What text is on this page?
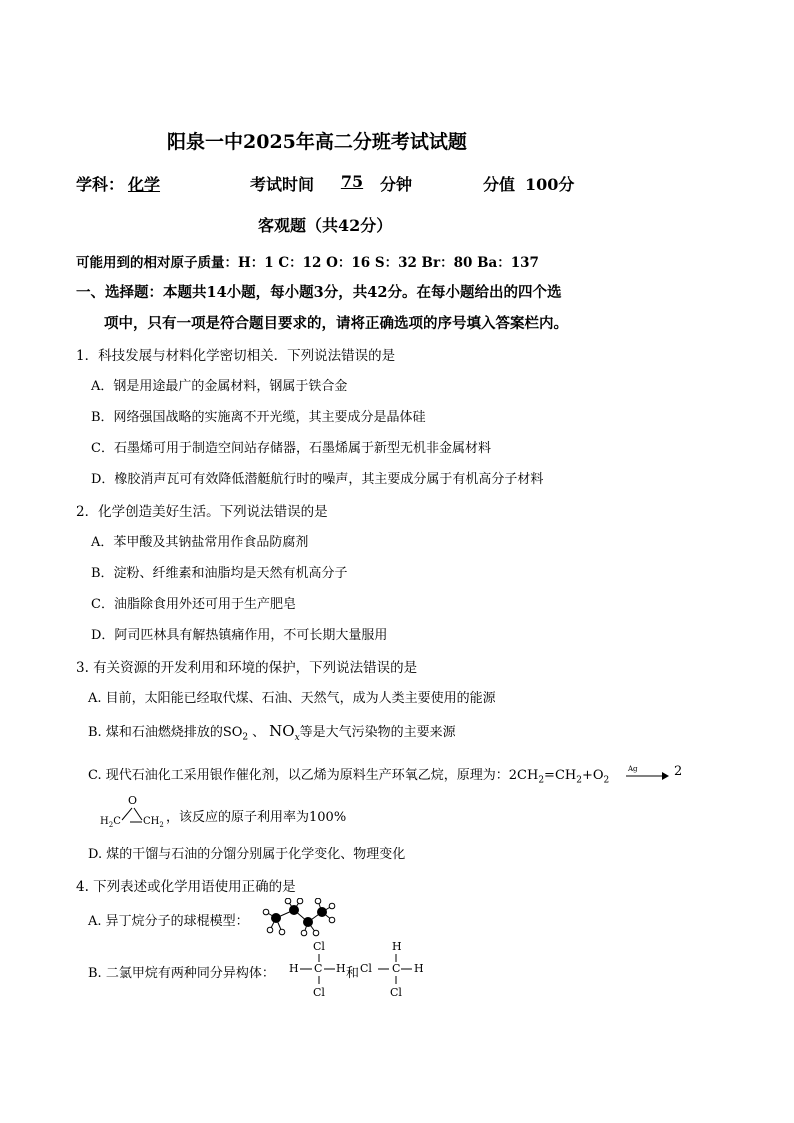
阳泉一中2025年高二分班考试试题
学科： 化学	考试时间	75	分钟	分值 100分
客观题（共42分）
可能用到的相对原子质量：H：1 C：12 O：16 S：32 Br：80 Ba：137
一、选择题：本题共14小题，每小题3分，共42分。在每小题给出的四个选
项中，只有一项是符合题目要求的，请将正确选项的序号填入答案栏内。
1．科技发展与材料化学密切相关．下列说法错误的是
A．钢是用途最广的金属材料，钢属于铁合金
B．网络强国战略的实施离不开光缆，其主要成分是晶体硅
C．石墨烯可用于制造空间站存储器，石墨烯属于新型无机非金属材料
D．橡胶消声瓦可有效降低潜艇航行时的噪声，其主要成分属于有机高分子材料
2．化学创造美好生活。下列说法错误的是
A．苯甲酸及其钠盐常用作食品防腐剂
B．淀粉、纤维素和油脂均是天然有机高分子
C．油脂除食用外还可用于生产肥皂
D．阿司匹林具有解热镇痛作用，不可长期大量服用
3. 有关资源的开发利用和环境的保护，下列说法错误的是
A. 目前，太阳能已经取代煤、石油、天然气，成为人类主要使用的能源
B. 煤和石油燃烧排放的$SO_2$ 、 $NO_x$等是大气污染物的主要来源
C. 现代石油化工采用银作催化剂，以乙烯为原料生产环氧乙烷，原理为：$2CH_2=CH_2+O_2$
Ag → 2
O
$H_2C$ $CH_2$ ，该反应的原子利用率为100%
D. 煤的干馏与石油的分馏分别属于化学变化、物理变化
4. 下列表述或化学用语使用正确的是
A. 异丁烷分子的球棍模型：
B. 二氯甲烷有两种同分异构体：
Cl
H C H
Cl
和
H
Cl C H
Cl
